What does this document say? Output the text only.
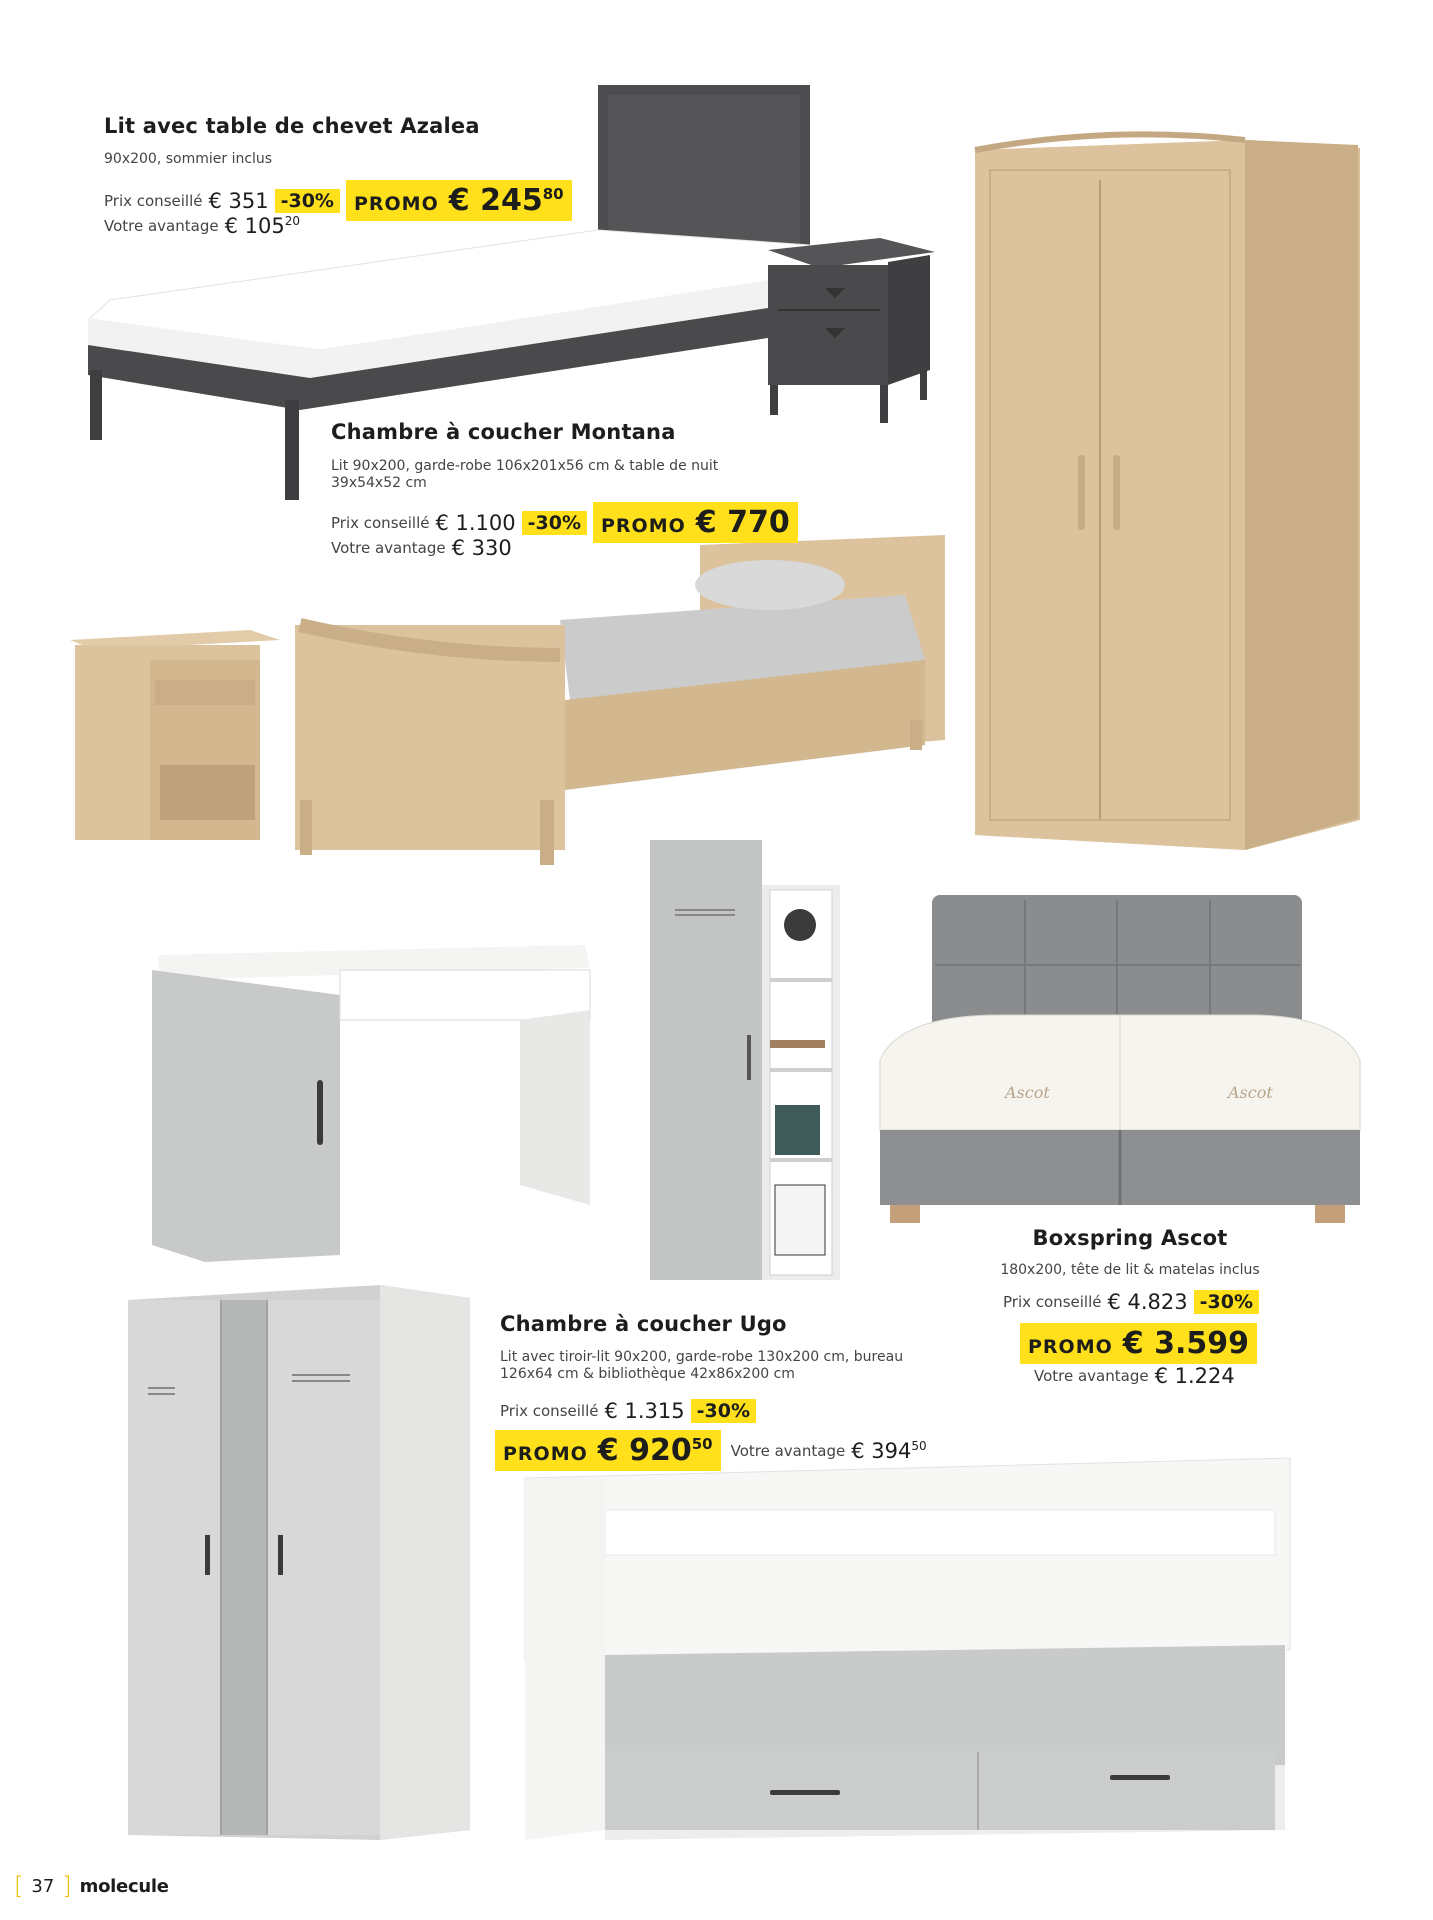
Ascot	Ascot
Lit avec table de chevet Azalea
90x200, sommier inclus
Prix conseillé € 351 -30%	PROMO € $245^{80}$
Votre avantage € $105^{20}$
Chambre à coucher Montana
Lit 90x200, garde-robe 106x201x56 cm & table de nuit 39x54x52 cm
Prix conseillé € 1.100 -30%	PROMO € 770
Votre avantage € 330
Boxspring Ascot
180x200, tête de lit & matelas inclus
Prix conseillé € 4.823 -30%
PROMO € 3.599
Votre avantage € 1.224
Chambre à coucher Ugo
Lit avec tiroir-lit 90x200, garde-robe 130x200 cm, bureau 126x64 cm & bibliothèque 42x86x200 cm
Prix conseillé € 1.315 -30%
PROMO € $920^{50}$ Votre avantage € $394^{50}$
[ 37 ] molecule
